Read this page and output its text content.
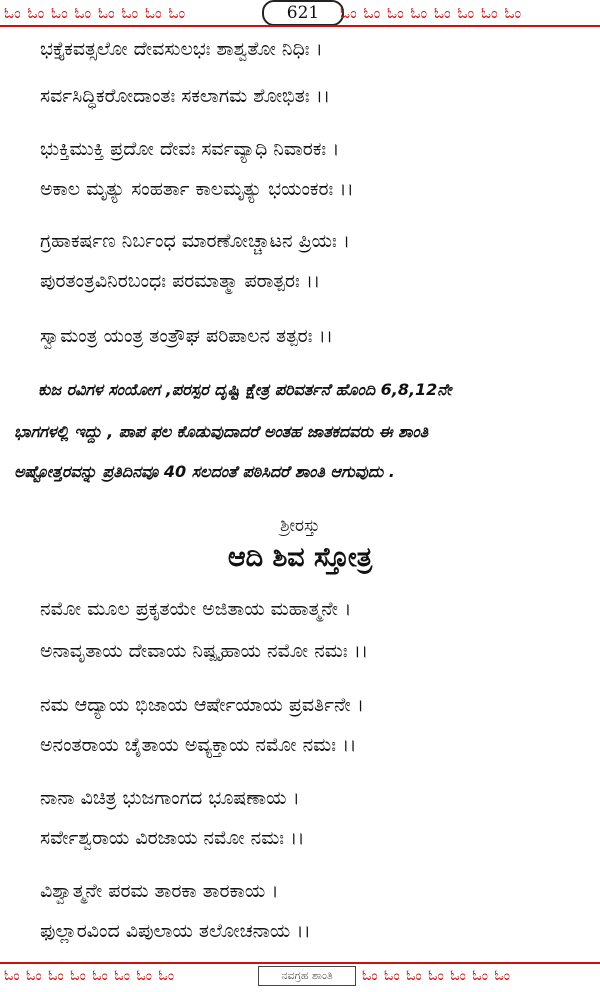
ಓಂ ಓಂ ಓಂ ಓಂ ಓಂ ಓಂ ಓಂ ಓಂ	621	ಓಂ ಓಂ ಓಂ ಓಂ ಓಂ ಓಂ ಓಂ ಓಂ
ಭಕ್ತೈಕವತ್ಸಲೋ ದೇವಸುಲಭಃ ಶಾಶ್ವತೋ ನಿಧಿಃ ।
ಸರ್ವಸಿದ್ಧಿಕರೋದಾಂತಃ ಸಕಲಾಗಮ ಶೋಭಿತಃ ।।
ಭುಕ್ತಿಮುಕ್ತಿ ಪ್ರದೋ ದೇವಃ ಸರ್ವವ್ಯಾಧಿ ನಿವಾರಕಃ ।
ಅಕಾಲ ಮೃತ್ಯು ಸಂಹರ್ತಾ ಕಾಲಮೃತ್ಯು ಭಯಂಕರಃ ।।
ಗ್ರಹಾಕರ್ಷಣ ನಿರ್ಬಂಧ ಮಾರಣೋಚ್ಚಾಟನ ಪ್ರಿಯಃ ।
ಪುರತಂತ್ರವಿನಿರಬಂಧಃ ಪರಮಾತ್ಮಾ ಪರಾತ್ಪರಃ ।।
ಸ್ವಾಮಂತ್ರ ಯಂತ್ರ ತಂತ್ರೌಘ ಪರಿಪಾಲನ ತತ್ಪರಃ ।।
ಕುಜ ರವಿಗಳ ಸಂಯೋಗ ,ಪರಸ್ಪರ ದೃಷ್ಟಿ ಕ್ಷೇತ್ರ ಪರಿವರ್ತನೆ ಹೊಂದಿ 6,8,12ನೇ
ಭಾಗಗಳಲ್ಲಿ ಇದ್ದು , ಪಾಪ ಫಲ ಕೊಡುವುದಾದರೆ ಅಂತಹ ಜಾತಕದವರು ಈ ಶಾಂತಿ
ಅಷ್ಟೋತ್ತರವನ್ನು ಪ್ರತಿದಿನವೂ 40 ಸಲದಂತೆ ಪಠಿಸಿದರೆ ಶಾಂತಿ ಆಗುವುದು .
ಶ್ರೀರಸ್ತು
ಆದಿ ಶಿವ ಸ್ತೋತ್ರ
ನಮೋ ಮೂಲ ಪ್ರಕೃತಯೇ ಅಜಿತಾಯ ಮಹಾತ್ಮನೇ ।
ಅನಾವೃತಾಯ ದೇವಾಯ ನಿಷ್ಪೃಹಾಯ ನಮೋ ನಮಃ ।।
ನಮ ಆದ್ಯಾಯ ಭಿಜಾಯ ಆರ್ಷೇಯಾಯ ಪ್ರವರ್ತಿನೇ ।
ಅನಂತರಾಯ ಚೈತಾಯ ಅವ್ಯಕ್ತಾಯ ನಮೋ ನಮಃ ।।
ನಾನಾ ವಿಚಿತ್ರ ಭುಜಗಾಂಗದ ಭೂಷಣಾಯ ।
ಸರ್ವೇಶ್ವರಾಯ ವಿರಜಾಯ ನಮೋ ನಮಃ ।।
ವಿಶ್ವಾತ್ಮನೇ ಪರಮ ತಾರಕಾ ತಾರಕಾಯ ।
ಫುಲ್ಲಾರವಿಂದ ವಿಪುಲಾಯ ತಲೋಚನಾಯ ।।
ಓಂ ಓಂ ಓಂ ಓಂ ಓಂ ಓಂ ಓಂ ಓಂ	ನವಗ್ರಹ ಶಾಂತಿ	ಓಂ ಓಂ ಓಂ ಓಂ ಓಂ ಓಂ ಓಂ
